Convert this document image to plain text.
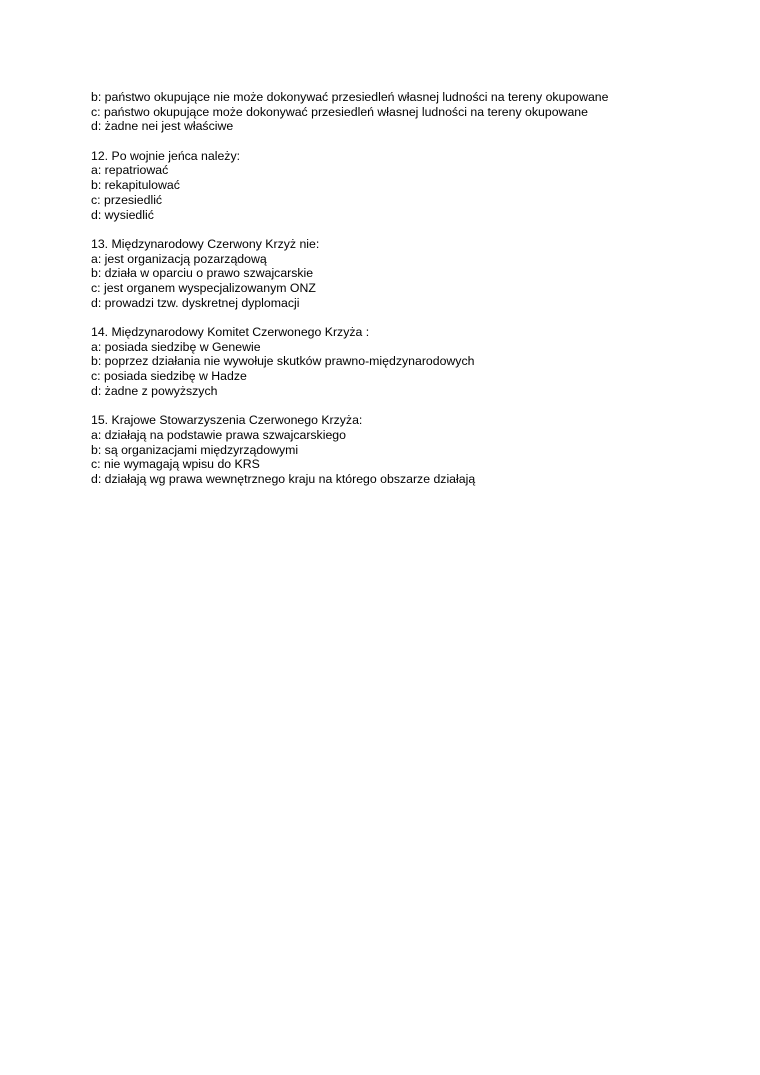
b: państwo okupujące nie może dokonywać przesiedleń własnej ludności na tereny okupowane
c: państwo okupujące może dokonywać przesiedleń własnej ludności na tereny okupowane
d: żadne nei jest właściwe
12. Po wojnie jeńca należy:
a: repatriować
b: rekapitulować
c: przesiedlić
d: wysiedlić
13. Międzynarodowy Czerwony Krzyż nie:
a: jest organizacją pozarządową
b: działa w oparciu o prawo szwajcarskie
c: jest organem wyspecjalizowanym ONZ
d: prowadzi tzw. dyskretnej dyplomacji
14. Międzynarodowy Komitet Czerwonego Krzyża :
a: posiada siedzibę w Genewie
b: poprzez działania nie wywołuje skutków prawno-międzynarodowych
c: posiada siedzibę w Hadze
d: żadne z powyższych
15. Krajowe Stowarzyszenia Czerwonego Krzyża:
a: działają na podstawie prawa szwajcarskiego
b: są organizacjami międzyrządowymi
c: nie wymagają wpisu do KRS
d: działają wg prawa wewnętrznego kraju na którego obszarze działają
